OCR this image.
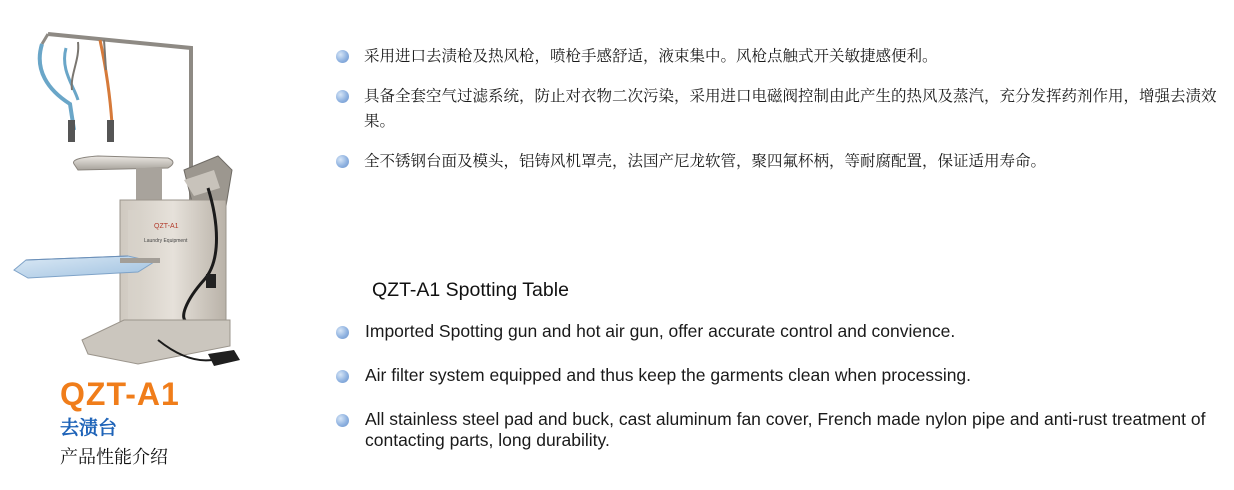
QZT-A1
Laundry Equipment
QZT-A1
去渍台
产品性能介绍
采用进口去渍枪及热风枪，喷枪手感舒适，液束集中。风枪点触式开关敏捷感便利。
具备全套空气过滤系统，防止对衣物二次污染，采用进口电磁阀控制由此产生的热风及蒸汽，充分发挥药剂作用，增强去渍效果。
全不锈钢台面及模头，铝铸风机罩壳，法国产尼龙软管，聚四氟杯柄，等耐腐配置，保证适用寿命。
QZT-A1 Spotting Table
Imported Spotting gun and hot air gun, offer accurate control and convience.
Air filter system equipped and thus keep the garments clean when processing.
All stainless steel pad and buck, cast aluminum fan cover, French made nylon pipe and anti-rust treatment of contacting parts, long durability.
